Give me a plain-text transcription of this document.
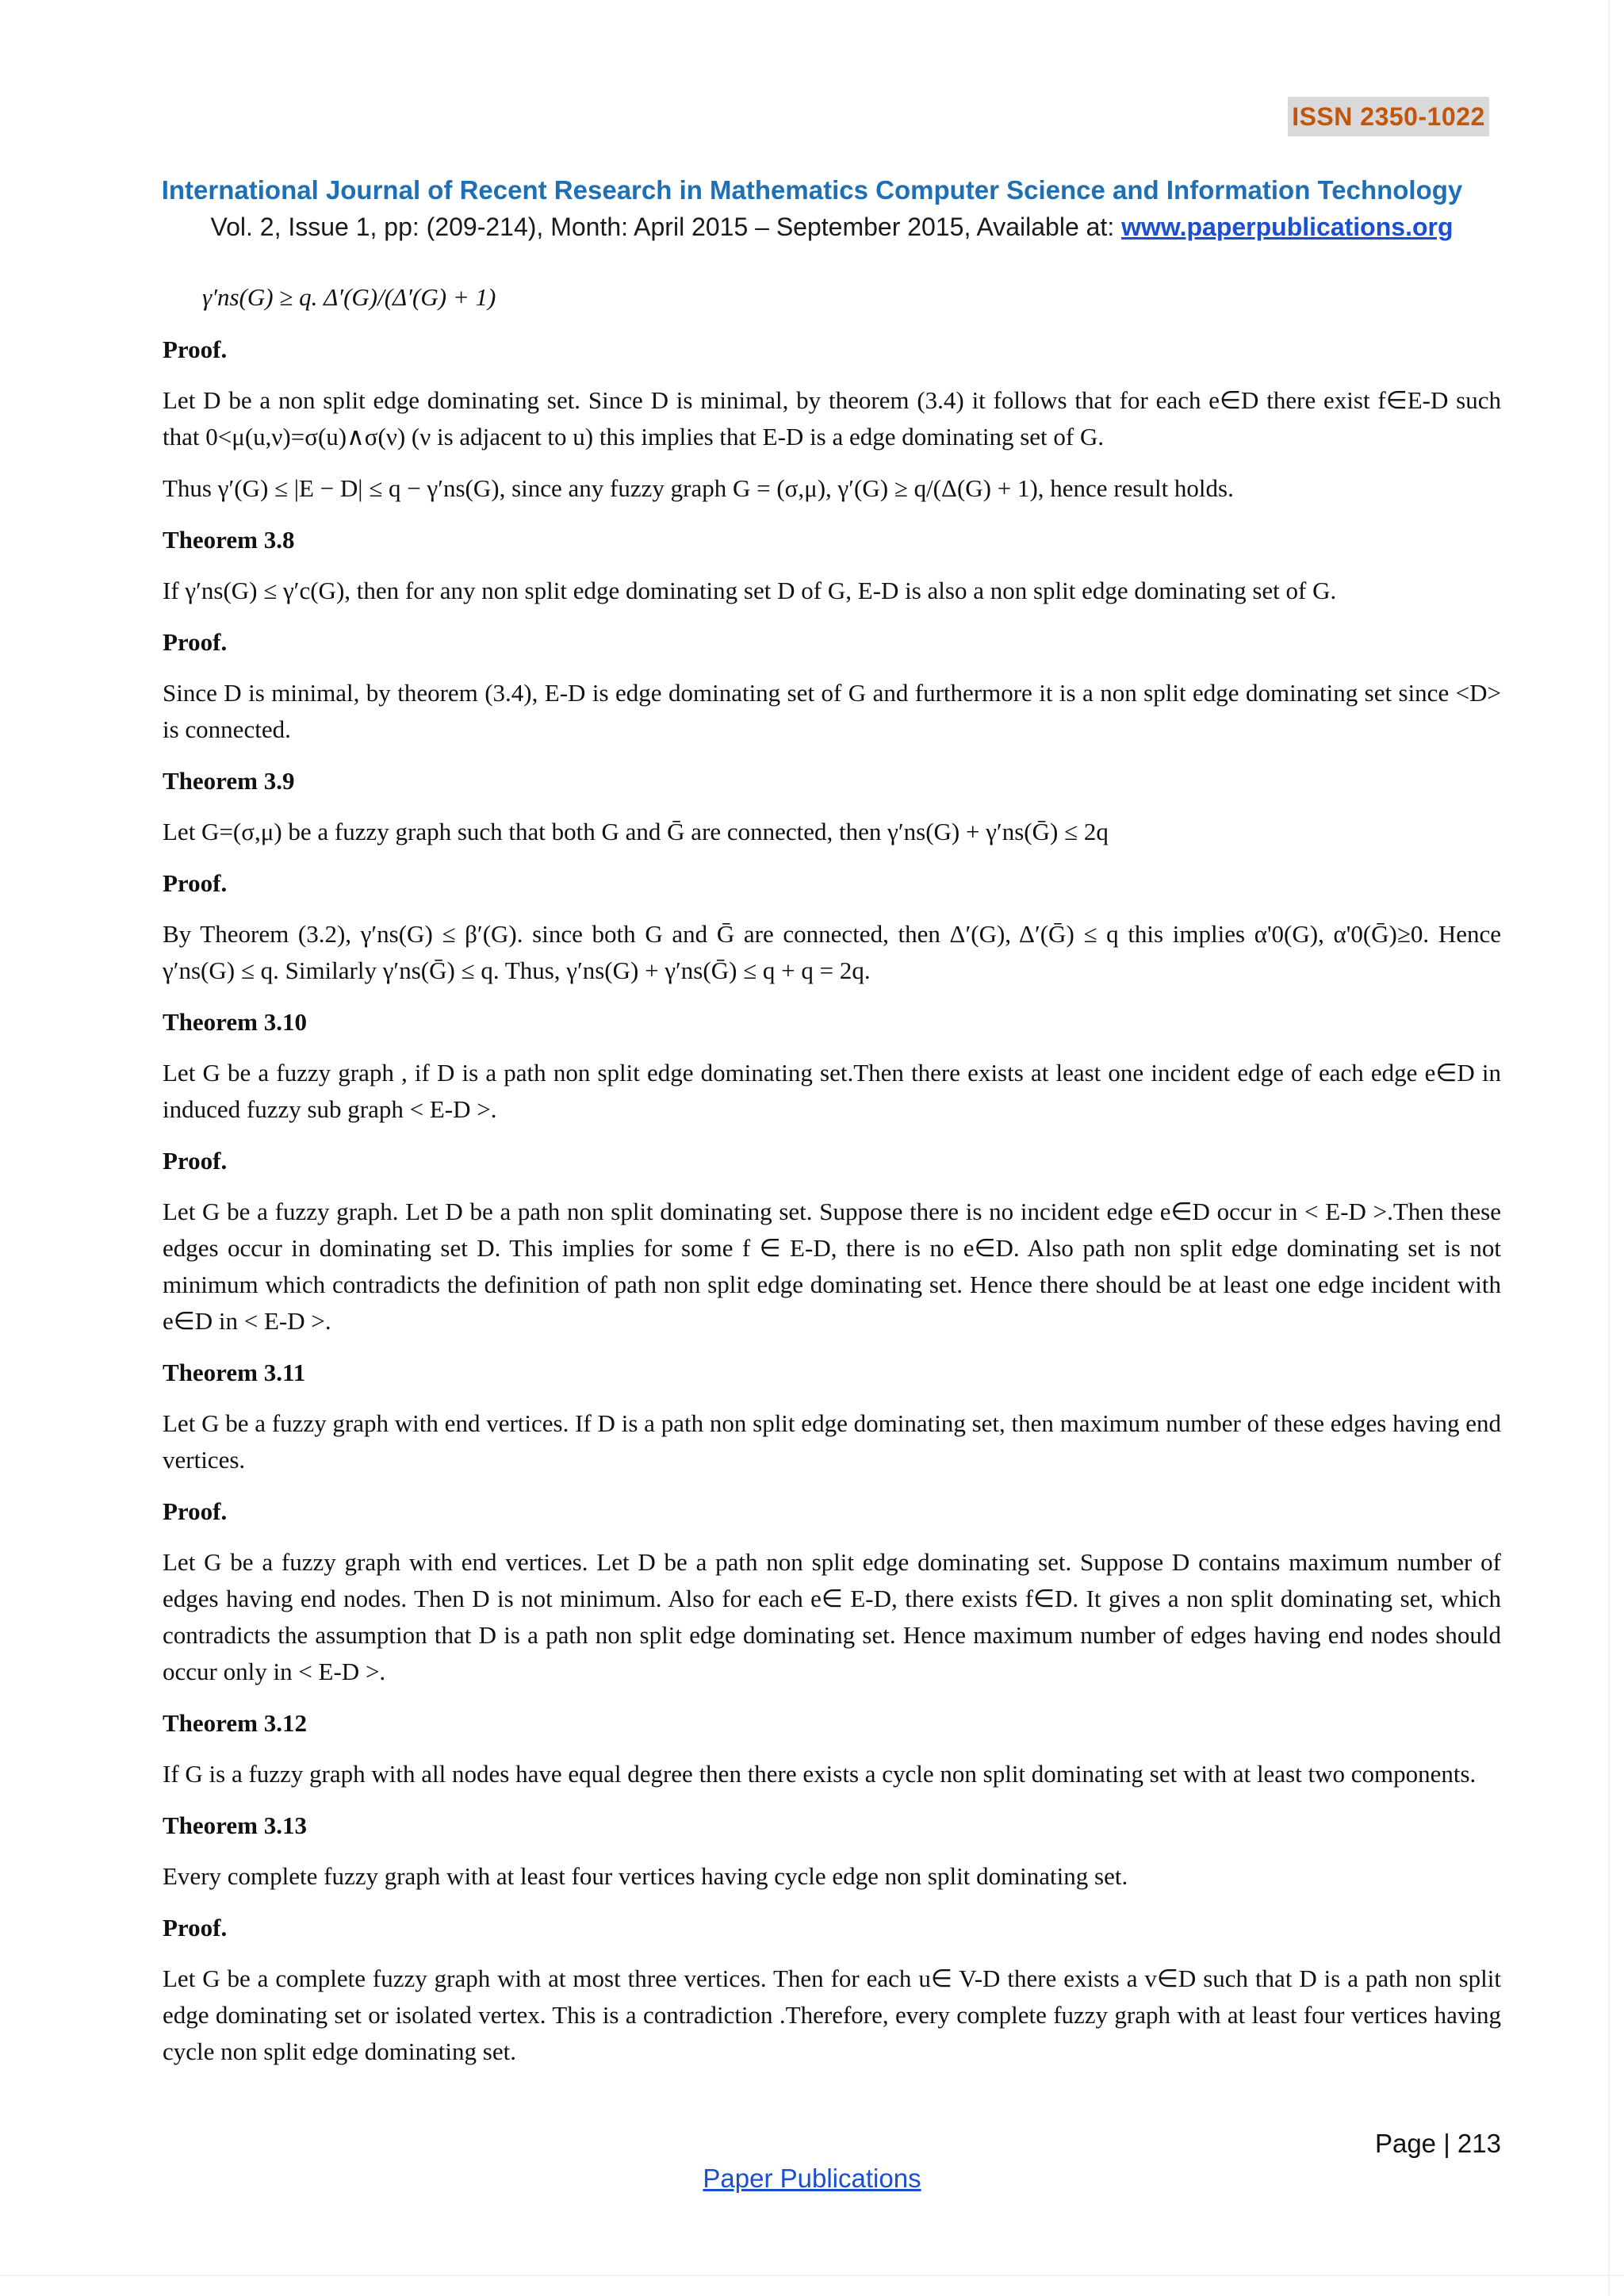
ISSN 2350-1022
International Journal of Recent Research in Mathematics Computer Science and Information Technology
Vol. 2, Issue 1, pp: (209-214), Month: April 2015 – September 2015, Available at: www.paperpublications.org

γ′ns(G) ≥ q. Δ′(G)/(Δ′(G) + 1)

Proof.

Let D be a non split edge dominating set. Since D is minimal, by theorem (3.4) it follows that for each e∈D there exist f∈E-D such that 0<μ(u,ν)=σ(u)∧σ(ν) (ν is adjacent to u) this implies that E-D is a edge dominating set of G.

Thus γ′(G) ≤ |E − D| ≤ q − γ′ns(G), since any fuzzy graph G = (σ,μ), γ′(G) ≥ q/(Δ(G) + 1), hence result holds.

Theorem 3.8

If γ′ns(G) ≤ γ′c(G), then for any non split edge dominating set D of G, E-D is also a non split edge dominating set of G.

Proof.

Since D is minimal, by theorem (3.4), E-D is edge dominating set of G and furthermore it is a non split edge dominating set since <D> is connected.

Theorem 3.9

Let G=(σ,μ) be a fuzzy graph such that both G and Ḡ are connected, then γ′ns(G) + γ′ns(Ḡ) ≤ 2q

Proof.

By Theorem (3.2), γ′ns(G) ≤ β′(G). since both G and Ḡ are connected, then Δ′(G), Δ′(Ḡ) ≤ q this implies α'0(G), α'0(Ḡ)≥0. Hence γ′ns(G) ≤ q. Similarly γ′ns(Ḡ) ≤ q. Thus, γ′ns(G) + γ′ns(Ḡ) ≤ q + q = 2q.

Theorem 3.10

Let G be a fuzzy graph , if D is a path non split edge dominating set.Then there exists at least one incident edge of each edge e∈D in induced fuzzy sub graph < E-D >.

Proof.

Let G be a fuzzy graph. Let D be a path non split dominating set. Suppose there is no incident edge e∈D occur in < E-D >.Then these edges occur in dominating set D. This implies for some f ∈ E-D, there is no e∈D. Also path non split edge dominating set is not minimum which contradicts the definition of path non split edge dominating set. Hence there should be at least one edge incident with e∈D in < E-D >.

Theorem 3.11

Let G be a fuzzy graph with end vertices. If D is a path non split edge dominating set, then maximum number of these edges having end vertices.

Proof.

Let G be a fuzzy graph with end vertices. Let D be a path non split edge dominating set. Suppose D contains maximum number of edges having end nodes. Then D is not minimum. Also for each e∈ E-D, there exists f∈D. It gives a non split dominating set, which contradicts the assumption that D is a path non split edge dominating set. Hence maximum number of edges having end nodes should occur only in < E-D >.

Theorem 3.12

If G is a fuzzy graph with all nodes have equal degree then there exists a cycle non split dominating set with at least two components.

Theorem 3.13

Every complete fuzzy graph with at least four vertices having cycle edge non split dominating set.

Proof.

Let G be a complete fuzzy graph with at most three vertices. Then for each u∈ V-D there exists a v∈D such that D is a path non split edge dominating set or isolated vertex. This is a contradiction .Therefore, every complete fuzzy graph with at least four vertices having cycle non split edge dominating set.

Page | 213
Paper Publications
